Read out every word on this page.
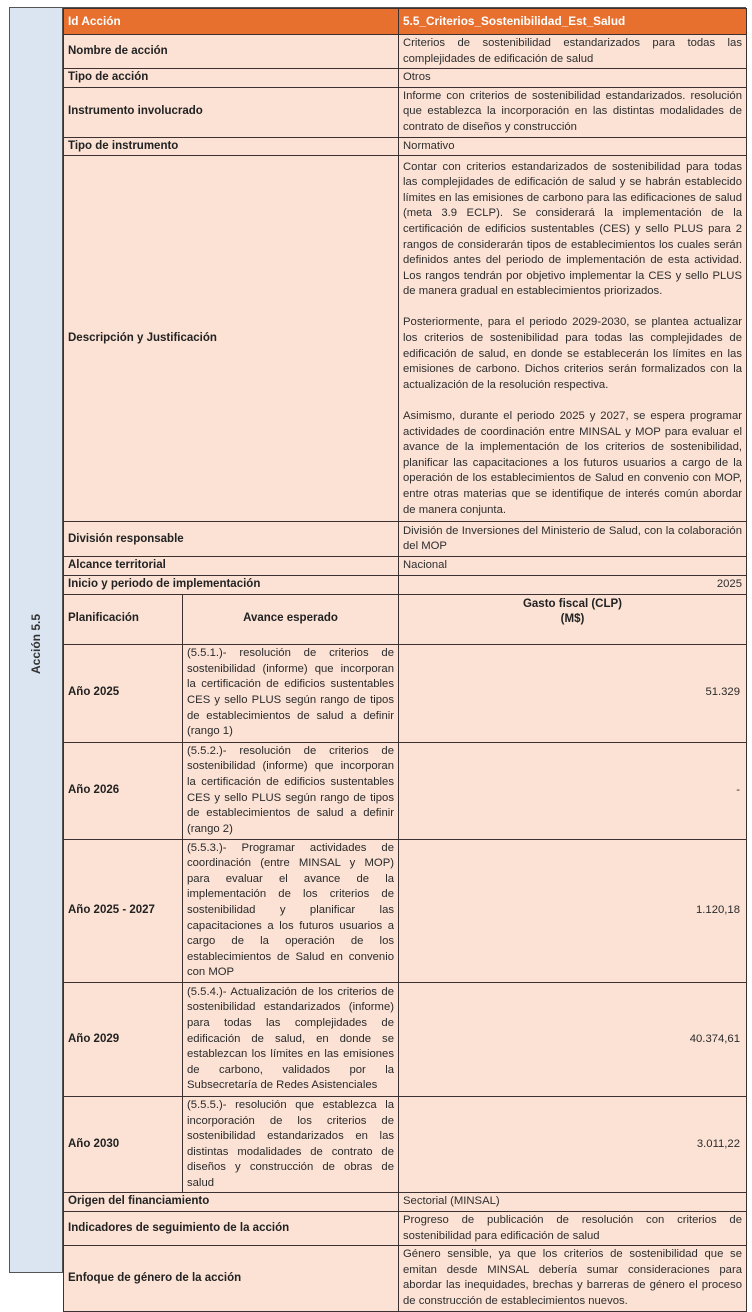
Acción 5.5
Id Acción		5.5_Criterios_Sostenibilidad_Est_Salud
Nombre de acción		Criterios de sostenibilidad estandarizados para todas las complejidades de edificación de salud
Tipo de acción		Otros
Instrumento involucrado		Informe con criterios de sostenibilidad estandarizados. resolución que establezca la incorporación en las distintas modalidades de contrato de diseños y construcción
Tipo de instrumento		Normativo
Descripción y Justificación		Contar con criterios estandarizados de sostenibilidad para todas las complejidades de edificación de salud y se habrán establecido límites en las emisiones de carbono para las edificaciones de salud (meta 3.9 ECLP). Se considerará la implementación de la certificación de edificios sustentables (CES) y sello PLUS para 2 rangos de considerarán tipos de establecimientos los cuales serán definidos antes del periodo de implementación de esta actividad. Los rangos tendrán por objetivo implementar la CES y sello PLUS de manera gradual en establecimientos priorizados.

Posteriormente, para el periodo 2029-2030, se plantea actualizar los criterios de sostenibilidad para todas las complejidades de edificación de salud, en donde se establecerán los límites en las emisiones de carbono. Dichos criterios serán formalizados con la actualización de la resolución respectiva.

Asimismo, durante el periodo 2025 y 2027, se espera programar actividades de coordinación entre MINSAL y MOP para evaluar el avance de la implementación de los criterios de sostenibilidad, planificar las capacitaciones a los futuros usuarios a cargo de la operación de los establecimientos de Salud en convenio con MOP, entre otras materias que se identifique de interés común abordar de manera conjunta.

División responsable		División de Inversiones del Ministerio de Salud, con la colaboración del MOP
Alcance territorial		Nacional
Inicio y periodo de implementación		2025
Planificación	Avance esperado	Gasto fiscal (CLP)
(M$)

Año 2025	(5.5.1.)- resolución de criterios de sostenibilidad (informe) que incorporan la certificación de edificios sustentables CES y sello PLUS según rango de tipos de establecimientos de salud a definir (rango 1)	51.329
Año 2026	(5.5.2.)- resolución de criterios de sostenibilidad (informe) que incorporan la certificación de edificios sustentables CES y sello PLUS según rango de tipos de establecimientos de salud a definir (rango 2)	-
Año 2025 - 2027	(5.5.3.)- Programar actividades de coordinación (entre MINSAL y MOP) para evaluar el avance de la implementación de los criterios de sostenibilidad y planificar las capacitaciones a los futuros usuarios a cargo de la operación de los establecimientos de Salud en convenio con MOP	1.120,18
Año 2029	(5.5.4.)- Actualización de los criterios de sostenibilidad estandarizados (informe) para todas las complejidades de edificación de salud, en donde se establezcan los límites en las emisiones de carbono, validados por la Subsecretaría de Redes Asistenciales	40.374,61
Año 2030	(5.5.5.)- resolución que establezca la incorporación de los criterios de sostenibilidad estandarizados en las distintas modalidades de contrato de diseños y construcción de obras de salud	3.011,22
Origen del financiamiento		Sectorial (MINSAL)
Indicadores de seguimiento de la acción		Progreso de publicación de resolución con criterios de sostenibilidad para edificación de salud
Enfoque de género de la acción		Género sensible, ya que los criterios de sostenibilidad que se emitan desde MINSAL debería sumar consideraciones para abordar las inequidades, brechas y barreras de género el proceso de construcción de establecimientos nuevos.
